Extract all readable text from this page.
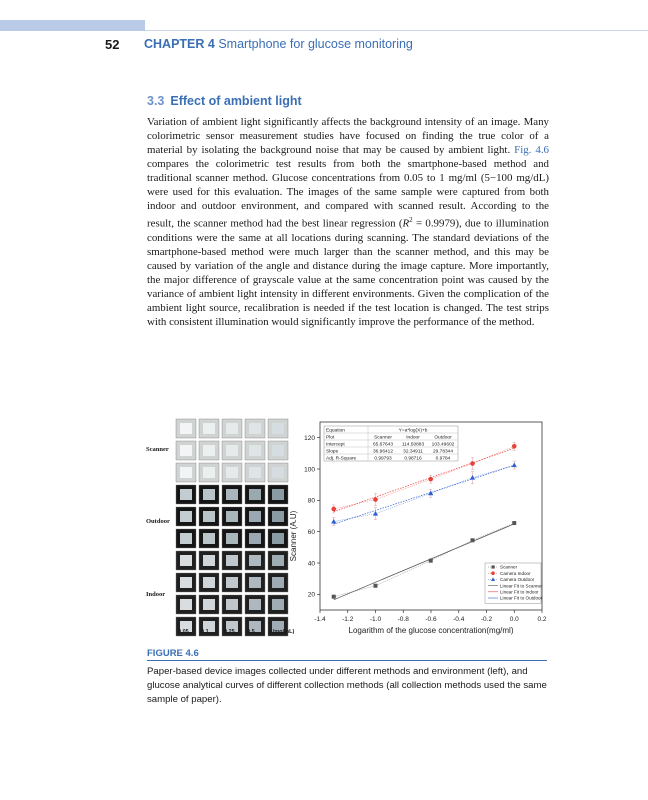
52 CHAPTER 4 Smartphone for glucose monitoring
3.3 Effect of ambient light
Variation of ambient light significantly affects the background intensity of an image. Many colorimetric sensor measurement studies have focused on finding the true color of a material by isolating the background noise that may be caused by ambient light. Fig. 4.6 compares the colorimetric test results from both the smartphone-based method and traditional scanner method. Glucose concentrations from 0.05 to 1 mg/ml (5−100 mg/dL) were used for this evaluation. The images of the same sample were captured from both indoor and outdoor environment, and compared with scanned result. According to the result, the scanner method had the best linear regression $(R^2 = 0.9979)$, due to illumination conditions were the same at all locations during scanning. The standard deviations of the smartphone-based method were much larger than the scanner method, and this may be caused by variation of the angle and distance during the image capture. More importantly, the major difference of grayscale value at the same concentration point was caused by the variance of ambient light intensity in different environments. Given the complication of the ambient light source, recalibration is needed if the test location is changed. The test strips with consistent illumination would significantly improve the performance of the method.
Scanner
Outdoor
Indoor
0.05 0.1	0.25 0.5 1 (mg/mL)
20
40
60
80
100
120
-1.4	-1.2	-1.0	-0.8	-0.6	-0.4	-0.2	0.0	0.2
Logarithm of the glucose concentration(mg/ml)
Scanner (A.U)
Equation	Y=a*log(X)+b
Plot	Scanner	Indoor	Outdoor
Intercept	65.67643 114.50883 103.49602
Slope	36.96412 32.34911 29.78344
Adj. R-Square	0.99793	0.98716	0.9784
Scanner
Camera Indoor
Camera Outdoor
Linear Fit to Scanner
Linear Fit to Indoor
Linear Fit to Outdoor
FIGURE 4.6
Paper-based device images collected under different methods and environment (left), and glucose analytical curves of different collection methods (all collection methods used the same sample of paper).
